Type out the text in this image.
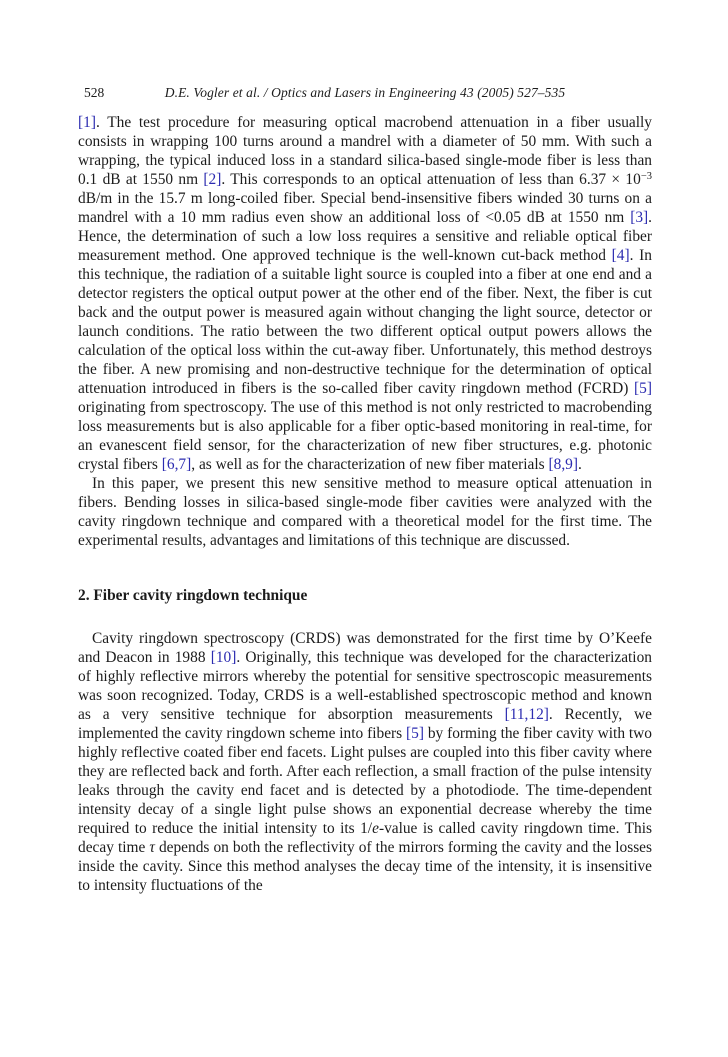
528	D.E. Vogler et al. / Optics and Lasers in Engineering 43 (2005) 527–535

[1]. The test procedure for measuring optical macrobend attenuation in a fiber usually consists in wrapping 100 turns around a mandrel with a diameter of 50 mm. With such a wrapping, the typical induced loss in a standard silica-based single-mode fiber is less than 0.1 dB at 1550 nm [2]. This corresponds to an optical attenuation of less than $6.37 \times 10^{-3}$ dB/m in the 15.7 m long-coiled fiber. Special bend-insensitive fibers winded 30 turns on a mandrel with a 10 mm radius even show an additional loss of <0.05 dB at 1550 nm [3]. Hence, the determination of such a low loss requires a sensitive and reliable optical fiber measurement method. One approved technique is the well-known cut-back method [4]. In this technique, the radiation of a suitable light source is coupled into a fiber at one end and a detector registers the optical output power at the other end of the fiber. Next, the fiber is cut back and the output power is measured again without changing the light source, detector or launch conditions. The ratio between the two different optical output powers allows the calculation of the optical loss within the cut-away fiber. Unfortunately, this method destroys the fiber. A new promising and non-destructive technique for the determination of optical attenuation introduced in fibers is the so-called fiber cavity ringdown method (FCRD) [5] originating from spectroscopy. The use of this method is not only restricted to macrobending loss measurements but is also applicable for a fiber optic-based monitoring in real-time, for an evanescent field sensor, for the characterization of new fiber structures, e.g. photonic crystal fibers [6,7], as well as for the characterization of new fiber materials [8,9].

In this paper, we present this new sensitive method to measure optical attenuation in fibers. Bending losses in silica-based single-mode fiber cavities were analyzed with the cavity ringdown technique and compared with a theoretical model for the first time. The experimental results, advantages and limitations of this technique are discussed.

2. Fiber cavity ringdown technique

Cavity ringdown spectroscopy (CRDS) was demonstrated for the first time by O’Keefe and Deacon in 1988 [10]. Originally, this technique was developed for the characterization of highly reflective mirrors whereby the potential for sensitive spectroscopic measurements was soon recognized. Today, CRDS is a well-established spectroscopic method and known as a very sensitive technique for absorption measurements [11,12]. Recently, we implemented the cavity ringdown scheme into fibers [5] by forming the fiber cavity with two highly reflective coated fiber end facets. Light pulses are coupled into this fiber cavity where they are reflected back and forth. After each reflection, a small fraction of the pulse intensity leaks through the cavity end facet and is detected by a photodiode. The time-dependent intensity decay of a single light pulse shows an exponential decrease whereby the time required to reduce the initial intensity to its 1/e-value is called cavity ringdown time. This decay time τ depends on both the reflectivity of the mirrors forming the cavity and the losses inside the cavity. Since this method analyses the decay time of the intensity, it is insensitive to intensity fluctuations of the
